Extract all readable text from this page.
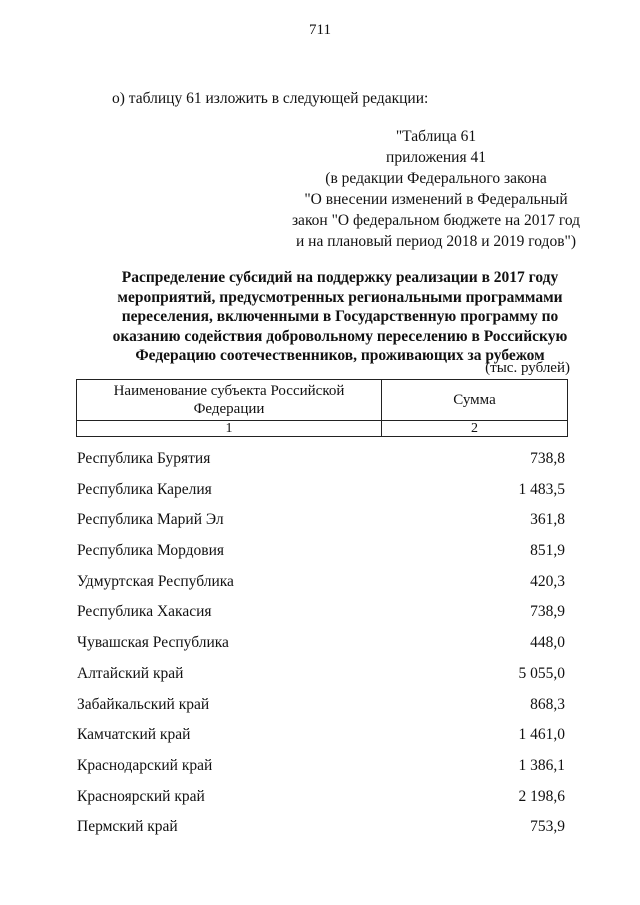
711
о) таблицу 61 изложить в следующей редакции:
"Таблица 61
приложения 41
(в редакции Федерального закона
"О внесении изменений в Федеральный
закон "О федеральном бюджете на 2017 год
и на плановый период 2018 и 2019 годов")
Распределение субсидий на поддержку реализации в 2017 году
мероприятий, предусмотренных региональными программами
переселения, включенными в Государственную программу по
оказанию содействия добровольному переселению в Российскую
Федерацию соотечественников, проживающих за рубежом
(тыс. рублей)
Наименование субъекта Российской
Федерации	Сумма
1	2
Республика Бурятия	738,8
Республика Карелия	1 483,5
Республика Марий Эл	361,8
Республика Мордовия	851,9
Удмуртская Республика	420,3
Республика Хакасия	738,9
Чувашская Республика	448,0
Алтайский край	5 055,0
Забайкальский край	868,3
Камчатский край	1 461,0
Краснодарский край	1 386,1
Красноярский край	2 198,6
Пермский край	753,9
